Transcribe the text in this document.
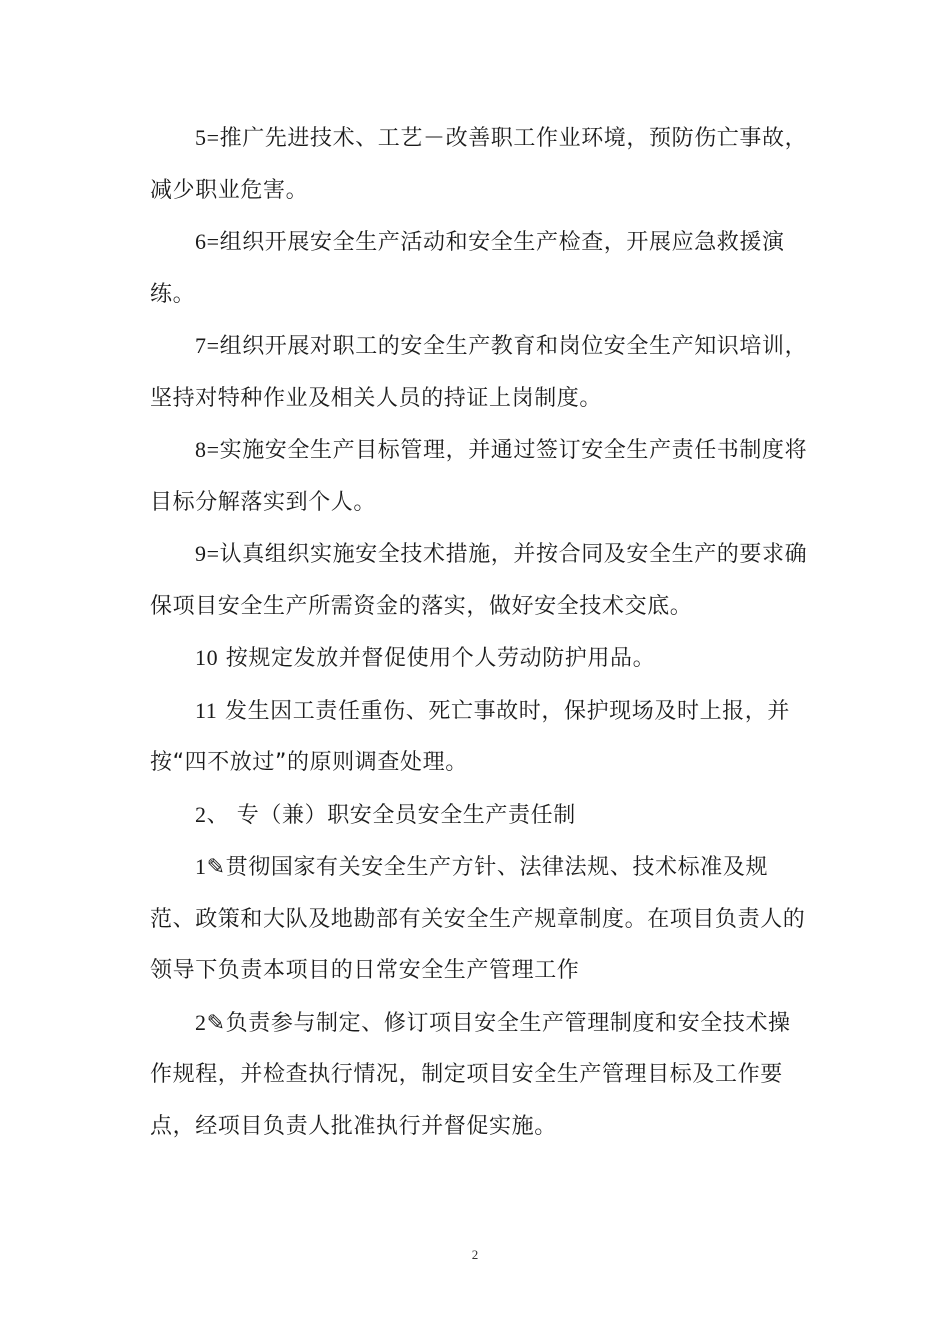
5=推广先进技术、工艺－改善职工作业环境，预防伤亡事故，减少职业危害。

6=组织开展安全生产活动和安全生产检查，开展应急救援演练。

7=组织开展对职工的安全生产教育和岗位安全生产知识培训，坚持对特种作业及相关人员的持证上岗制度。

8=实施安全生产目标管理，并通过签订安全生产责任书制度将目标分解落实到个人。

9=认真组织实施安全技术措施，并按合同及安全生产的要求确保项目安全生产所需资金的落实，做好安全技术交底。

10 按规定发放并督促使用个人劳动防护用品。

11 发生因工责任重伤、死亡事故时，保护现场及时上报，并按“四不放过”的原则调查处理。

2、 专（兼）职安全员安全生产责任制

1✎贯彻国家有关安全生产方针、法律法规、技术标准及规范、政策和大队及地勘部有关安全生产规章制度。在项目负责人的领导下负责本项目的日常安全生产管理工作

2✎负责参与制定、修订项目安全生产管理制度和安全技术操作规程，并检查执行情况，制定项目安全生产管理目标及工作要点，经项目负责人批准执行并督促实施。

2
